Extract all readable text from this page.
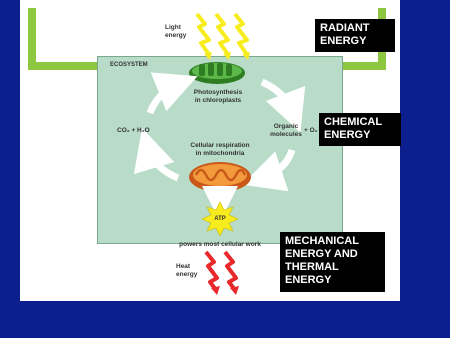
Light
energy
ECOSYSTEM
Photosynthesis
in chloroplasts
CO₂ + H₂O
Organic
molecules
+ O₂
Cellular respiration
in mitochondria
ATP
powers most cellular work
Heat
energy
RADIANT
ENERGY
CHEMICAL
ENERGY
MECHANICAL
ENERGY AND
THERMAL
ENERGY
